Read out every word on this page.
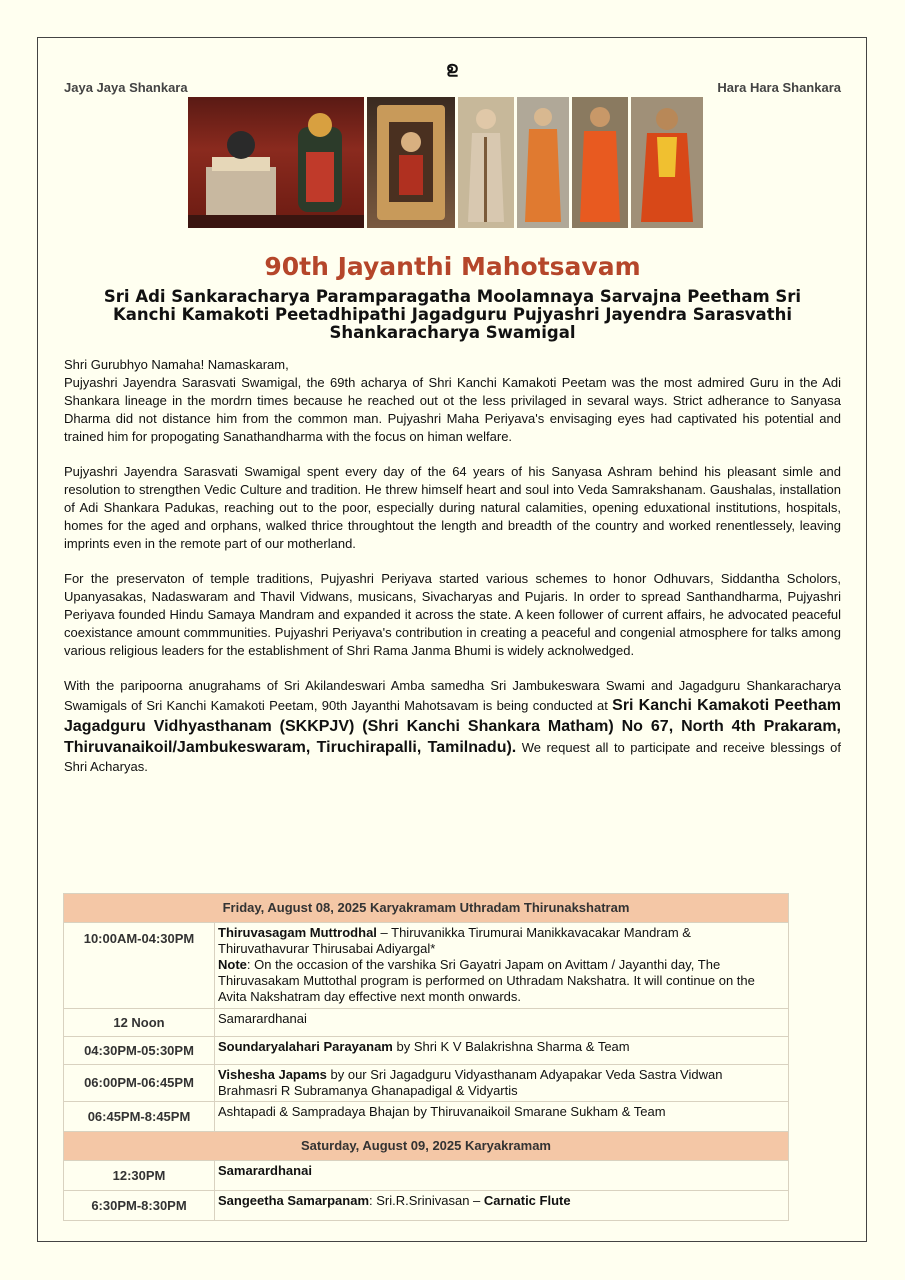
ഉ
Jaya Jaya Shankara	Hara Hara Shankara
90th Jayanthi Mahotsavam
Sri Adi Sankaracharya Paramparagatha Moolamnaya Sarvajna Peetham Sri Kanchi Kamakoti Peetadhipathi Jagadguru Pujyashri Jayendra Sarasvathi Shankaracharya Swamigal

Shri Gurubhyo Namaha! Namaskaram,

Pujyashri Jayendra Sarasvati Swamigal, the 69th acharya of Shri Kanchi Kamakoti Peetam was the most admired Guru in the Adi Shankara lineage in the mordrn times because he reached out ot the less privilaged in sevaral ways. Strict adherance to Sanyasa Dharma did not distance him from the common man. Pujyashri Maha Periyava's envisaging eyes had captivated his potential and trained him for propogating Sanathandharma with the focus on himan welfare.

Pujyashri Jayendra Sarasvati Swamigal spent every day of the 64 years of his Sanyasa Ashram behind his pleasant simle and resolution to strengthen Vedic Culture and tradition. He threw himself heart and soul into Veda Samrakshanam. Gaushalas, installation of Adi Shankara Padukas, reaching out to the poor, especially during natural calamities, opening eduxational institutions, hospitals, homes for the aged and orphans, walked thrice throughtout the length and breadth of the country and worked renentlessely, leaving imprints even in the remote part of our motherland.

For the preservaton of temple traditions, Pujyashri Periyava started various schemes to honor Odhuvars, Siddantha Scholors, Upanyasakas, Nadaswaram and Thavil Vidwans, musicans, Sivacharyas and Pujaris. In order to spread Santhandharma, Pujyashri Periyava founded Hindu Samaya Mandram and expanded it across the state. A keen follower of current affairs, he advocated peaceful coexistance amount commmunities. Pujyashri Periyava's contribution in creating a peaceful and congenial atmosphere for talks among various religious leaders for the establishment of Shri Rama Janma Bhumi is widely acknolwedged.

With the paripoorna anugrahams of Sri Akilandeswari Amba samedha Sri Jambukeswara Swami and Jagadguru Shankaracharya Swamigals of Sri Kanchi Kamakoti Peetam, 90th Jayanthi Mahotsavam is being conducted at Sri Kanchi Kamakoti Peetham Jagadguru Vidhyasthanam (SKKPJV) (Shri Kanchi Shankara Matham) No 67, North 4th Prakaram, Thiruvanaikoil/Jambukeswaram, Tiruchirapalli, Tamilnadu). We request all to participate and receive blessings of Shri Acharyas.

Friday, August 08, 2025 Karyakramam Uthradam Thirunakshatram	
10:00AM-04:30PM	Thiruvasagam Muttrodhal – Thiruvanikka Tirumurai Manikkavacakar Mandram & Thiruvathavurar Thirusabai Adiyargal*
Note: On the occasion of the varshika Sri Gayatri Japam on Avittam / Jayanthi day, The Thiruvasakam Muttothal program is performed on Uthradam Nakshatra. It will continue on the Avita Nakshatram day effective next month onwards.
12 Noon	Samarardhanai
04:30PM-05:30PM	Soundaryalahari Parayanam by Shri K V Balakrishna Sharma & Team
06:00PM-06:45PM	Vishesha Japams by our Sri Jagadguru Vidyasthanam Adyapakar Veda Sastra Vidwan Brahmasri R Subramanya Ghanapadigal & Vidyartis
06:45PM-8:45PM	Ashtapadi & Sampradaya Bhajan by Thiruvanaikoil Smarane Sukham & Team
Saturday, August 09, 2025 Karyakramam	
12:30PM	Samarardhanai
6:30PM-8:30PM	Sangeetha Samarpanam: Sri.R.Srinivasan – Carnatic Flute
